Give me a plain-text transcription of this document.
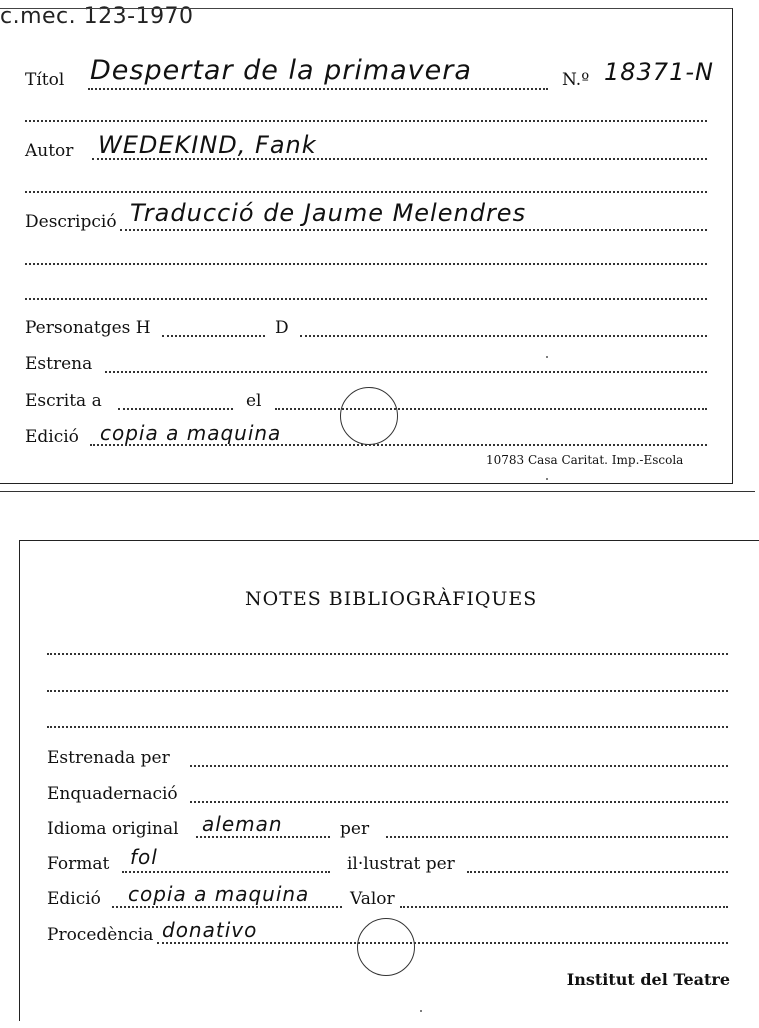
c.mec. 123-1970
Títol Despertar de la primavera	N.º 18371-N
Autor WEDEKIND, Fank
Descripció Traducció de Jaume Melendres
Personatges H	D
Estrena
Escrita a	el
Edició copia a maquina
10783 Casa Caritat. Imp.-Escola
NOTES BIBLIOGRÀFIQUES
Estrenada per
Enquadernació
Idioma original aleman	per
Format fol	il·lustrat per
Edició copia a maquina Valor
Procedència donativo
Institut del Teatre
